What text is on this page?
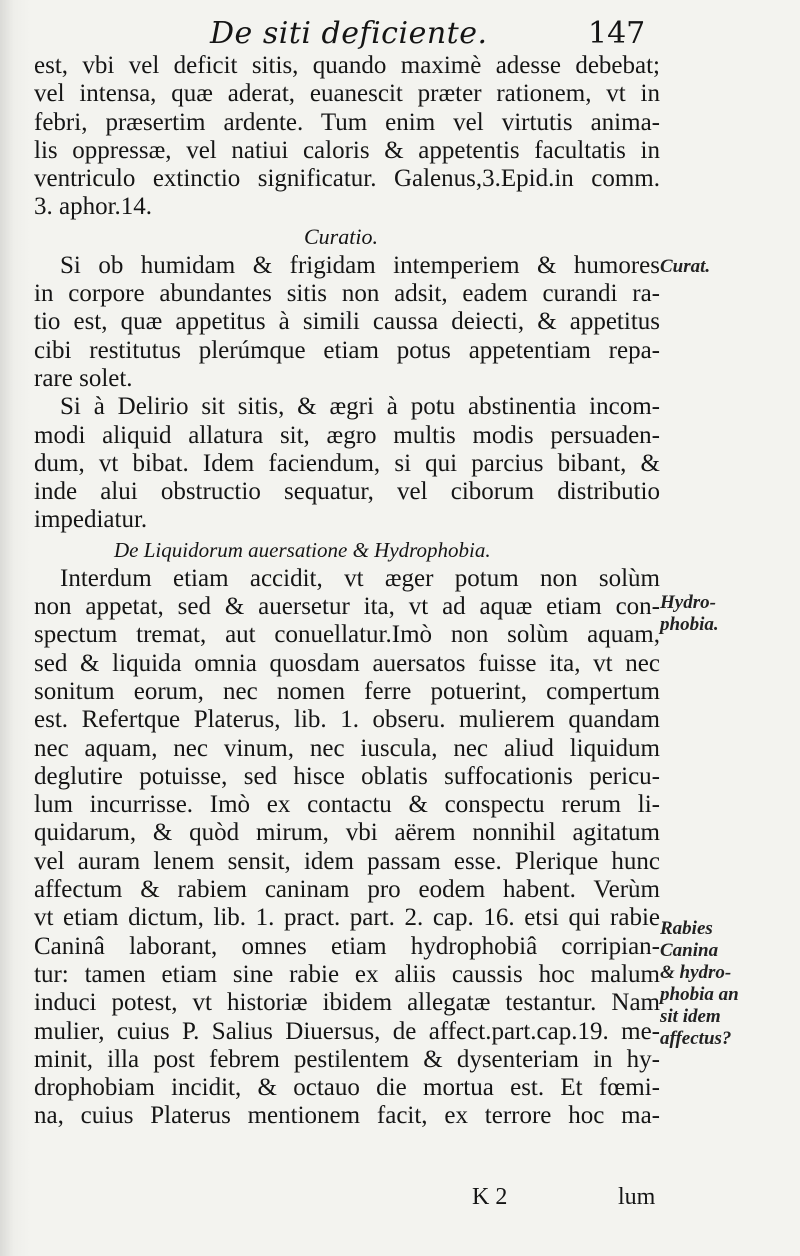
De siti deficiente.	147
est, vbi vel deficit sitis, quando maximè adesse debebat;
vel intensa, quæ aderat, euanescit præter rationem, vt in
febri, præsertim ardente. Tum enim vel virtutis anima-
lis oppressæ, vel natiui caloris & appetentis facultatis in
ventriculo extinctio significatur. Galenus,3.Epid.in comm.
3. aphor.14.
Curatio.
Si ob humidam & frigidam intemperiem & humores
in corpore abundantes sitis non adsit, eadem curandi ra-
tio est, quæ appetitus à simili caussa deiecti, & appetitus
cibi restitutus plerúmque etiam potus appetentiam repa-
rare solet.
Si à Delirio sit sitis, & ægri à potu abstinentia incom-
modi aliquid allatura sit, ægro multis modis persuaden-
dum, vt bibat. Idem faciendum, si qui parcius bibant, &
inde alui obstructio sequatur, vel ciborum distributio
impediatur.
De Liquidorum auersatione & Hydrophobia.
Interdum etiam accidit, vt æger potum non solùm
non appetat, sed & auersetur ita, vt ad aquæ etiam con-
spectum tremat, aut conuellatur.Imò non solùm aquam,
sed & liquida omnia quosdam auersatos fuisse ita, vt nec
sonitum eorum, nec nomen ferre potuerint, compertum
est. Refertque Platerus, lib. 1. obseru. mulierem quandam
nec aquam, nec vinum, nec iuscula, nec aliud liquidum
deglutire potuisse, sed hisce oblatis suffocationis pericu-
lum incurrisse. Imò ex contactu & conspectu rerum li-
quidarum, & quòd mirum, vbi aërem nonnihil agitatum
vel auram lenem sensit, idem passam esse. Plerique hunc
affectum & rabiem caninam pro eodem habent. Verùm
vt etiam dictum, lib. 1. pract. part. 2. cap. 16. etsi qui rabie
Caninâ laborant, omnes etiam hydrophobiâ corripian-
tur: tamen etiam sine rabie ex aliis caussis hoc malum
induci potest, vt historiæ ibidem allegatæ testantur. Nam
mulier, cuius P. Salius Diuersus, de affect.part.cap.19. me-
minit, illa post febrem pestilentem & dysenteriam in hy-
drophobiam incidit, & octauo die mortua est. Et fœmi-
na, cuius Platerus mentionem facit, ex terrore hoc ma-
Curat.
Hydro-
phobia.
Rabies
Canina
& hydro-
phobia an
sit idem
affectus?
K 2	lum
